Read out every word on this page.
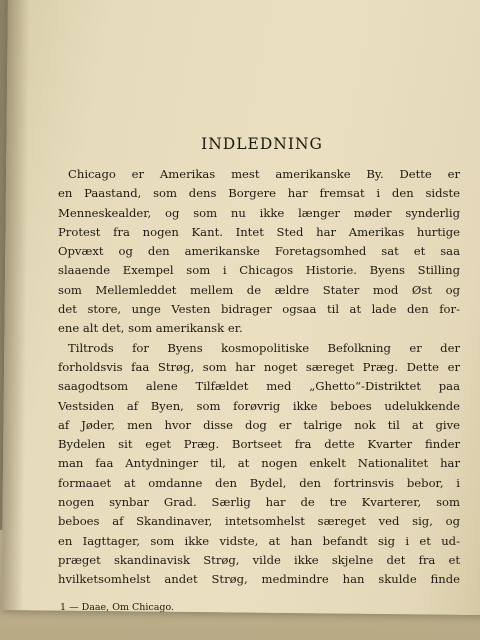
INDLEDNING
Chicago er Amerikas mest amerikanske By. Dette er
en Paastand, som dens Borgere har fremsat i den sidste
Menneskealder, og som nu ikke længer møder synderlig
Protest fra nogen Kant. Intet Sted har Amerikas hurtige
Opvæxt og den amerikanske Foretagsomhed sat et saa
slaaende Exempel som i Chicagos Historie. Byens Stilling
som Mellemleddet mellem de ældre Stater mod Øst og
det store, unge Vesten bidrager ogsaa til at lade den for-
ene alt det, som amerikansk er.
Tiltrods for Byens kosmopolitiske Befolkning er der
forholdsvis faa Strøg, som har noget særeget Præg. Dette er
saagodtsom alene Tilfældet med „Ghetto“-Distriktet paa
Vestsiden af Byen, som forøvrig ikke beboes udelukkende
af Jøder, men hvor disse dog er talrige nok til at give
Bydelen sit eget Præg. Bortseet fra dette Kvarter finder
man faa Antydninger til, at nogen enkelt Nationalitet har
formaaet at omdanne den Bydel, den fortrinsvis bebor, i
nogen synbar Grad. Særlig har de tre Kvarterer, som
beboes af Skandinaver, intetsomhelst særeget ved sig, og
en Iagttager, som ikke vidste, at han befandt sig i et ud-
præget skandinavisk Strøg, vilde ikke skjelne det fra et
hvilketsomhelst andet Strøg, medmindre han skulde finde
1 — Daae, Om Chicago.
